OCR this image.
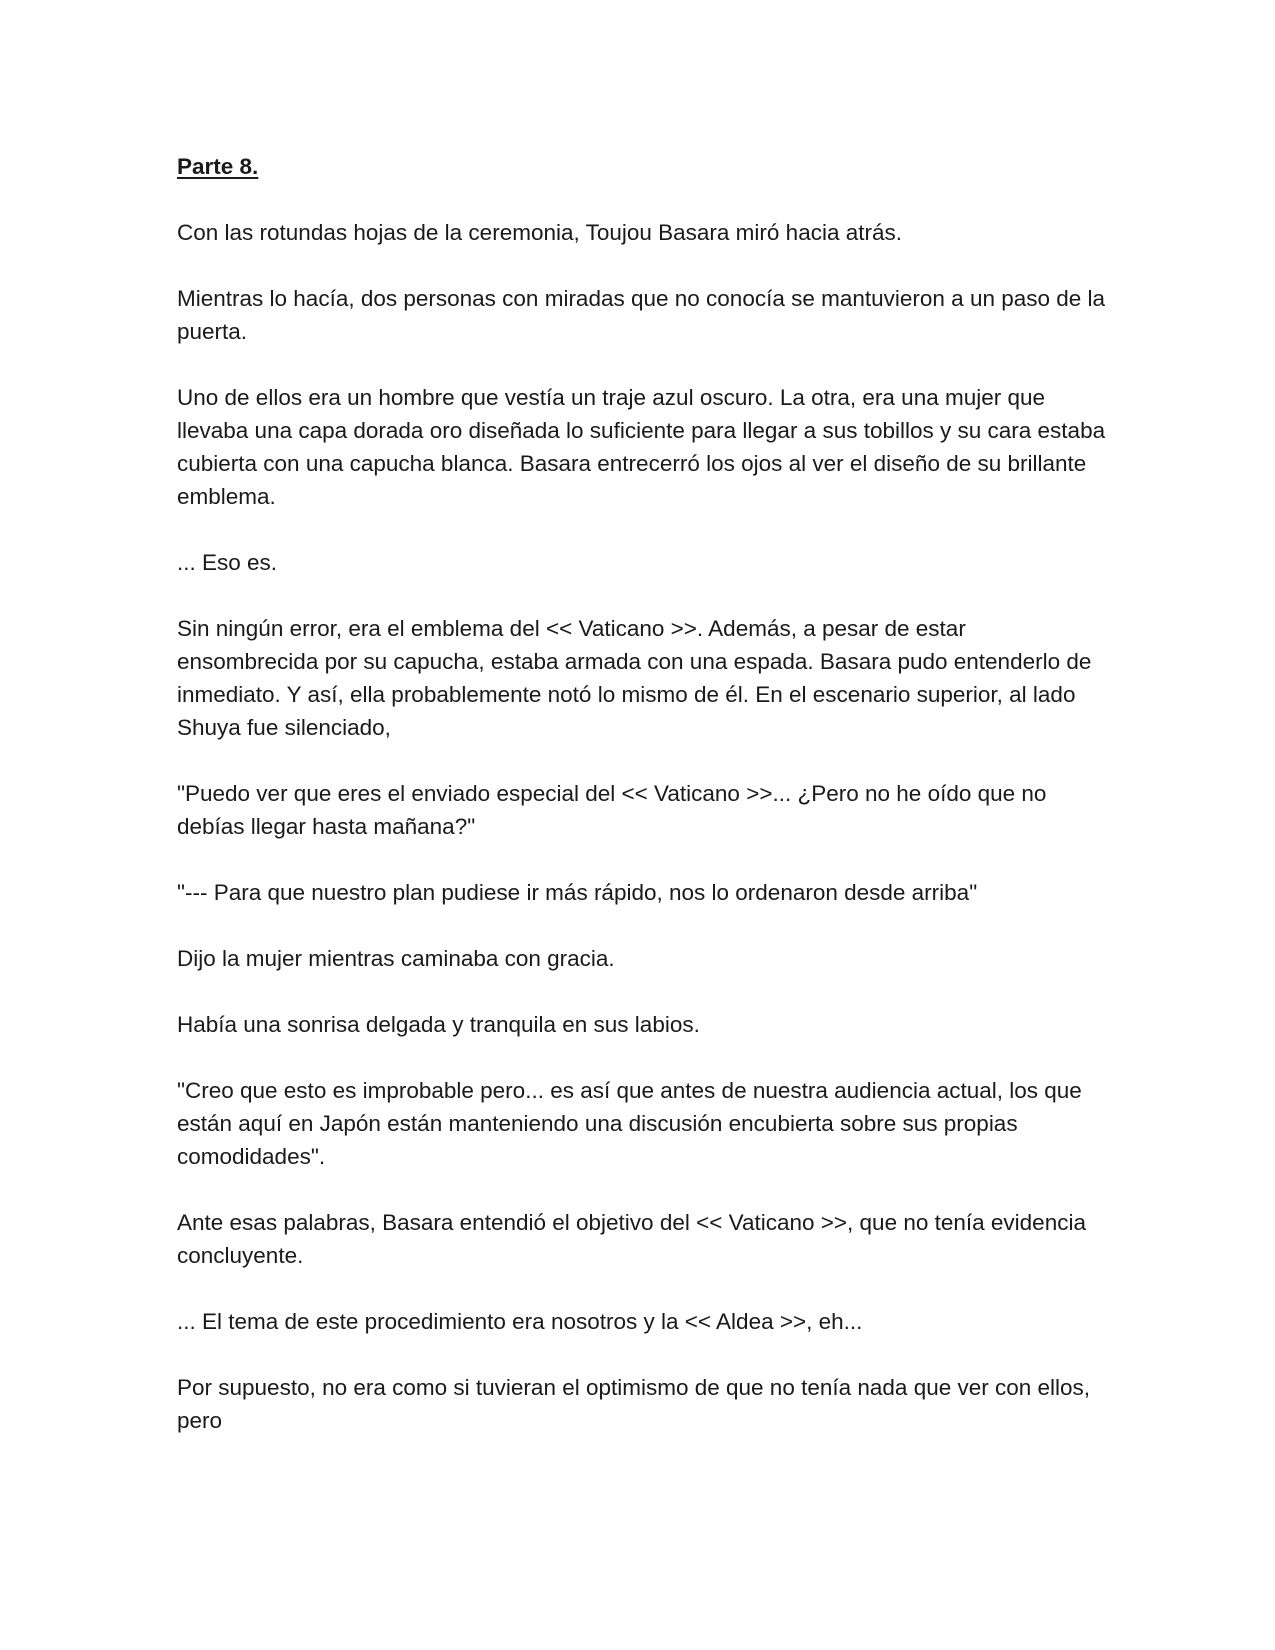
Parte 8.

Con las rotundas hojas de la ceremonia, Toujou Basara miró hacia atrás.

Mientras lo hacía, dos personas con miradas que no conocía se mantuvieron a un paso de la puerta.

Uno de ellos era un hombre que vestía un traje azul oscuro. La otra, era una mujer que llevaba una capa dorada oro diseñada lo suficiente para llegar a sus tobillos y su cara estaba cubierta con una capucha blanca. Basara entrecerró los ojos al ver el diseño de su brillante emblema.

... Eso es.

Sin ningún error, era el emblema del << Vaticano >>. Además, a pesar de estar ensombrecida por su capucha, estaba armada con una espada. Basara pudo entenderlo de inmediato. Y así, ella probablemente notó lo mismo de él. En el escenario superior, al lado Shuya fue silenciado,

"Puedo ver que eres el enviado especial del << Vaticano >>... ¿Pero no he oído que no debías llegar hasta mañana?"

"--- Para que nuestro plan pudiese ir más rápido, nos lo ordenaron desde arriba"

Dijo la mujer mientras caminaba con gracia.

Había una sonrisa delgada y tranquila en sus labios.

"Creo que esto es improbable pero... es así que antes de nuestra audiencia actual, los que están aquí en Japón están manteniendo una discusión encubierta sobre sus propias comodidades".

Ante esas palabras, Basara entendió el objetivo del << Vaticano >>, que no tenía evidencia concluyente.

... El tema de este procedimiento era nosotros y la << Aldea >>, eh...

Por supuesto, no era como si tuvieran el optimismo de que no tenía nada que ver con ellos, pero
